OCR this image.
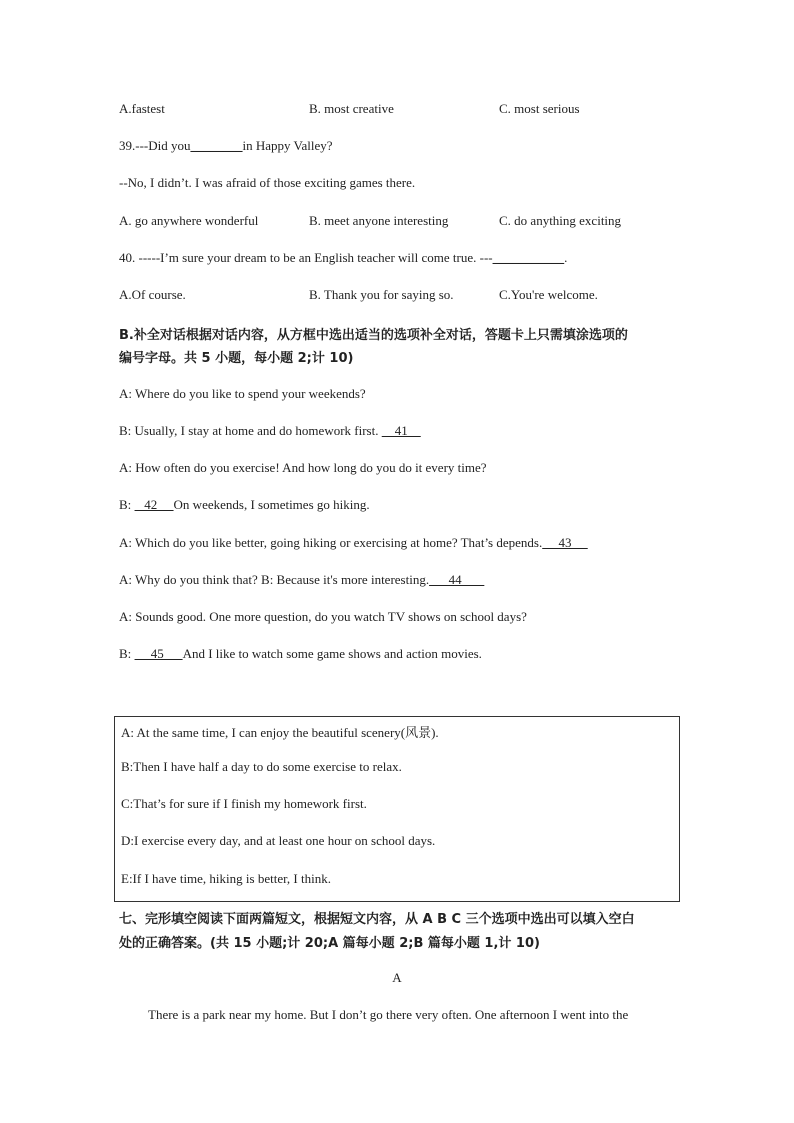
A.fastest	B. most creative	C. most serious
39.---Did you________in Happy Valley?
--No, I didn’t. I was afraid of those exciting games there.
A. go anywhere wonderful	B. meet anyone interesting	C. do anything exciting
40. -----I’m sure your dream to be an English teacher will come true. ---___________.
A.Of course.	B. Thank you for saying so.	C.You're welcome.
B.补全对话根据对话内容，从方框中选出适当的选项补全对话，答题卡上只需填涂选项的
编号字母。共 5 小题，每小题 2;计 10)
A: Where do you like to spend your weekends?
B: Usually, I stay at home and do homework first.     41
A: How often do you exercise! And how long do you do it every time?
B:    42     On weekends, I sometimes go hiking.
A: Which do you like better, going hiking or exercising at home? That’s depends.     43
A: Why do you think that? B: Because it's more interesting.      44
A: Sounds good. One more question, do you watch TV shows on school days?
B:      45      And I like to watch some game shows and action movies.
A: At the same time, I can enjoy the beautiful scenery(风景).
B:Then I have half a day to do some exercise to relax.
C:That’s for sure if I finish my homework first.
D:I exercise every day, and at least one hour on school days.
E:If I have time, hiking is better, I think.
七、完形填空阅读下面两篇短文，根据短文内容，从 A B C 三个选项中选出可以填入空白
处的正确答案。(共 15 小题;计 20;A 篇每小题 2;B 篇每小题 1,计 10)
A
There is a park near my home. But I don’t go there very often. One afternoon I went into the
